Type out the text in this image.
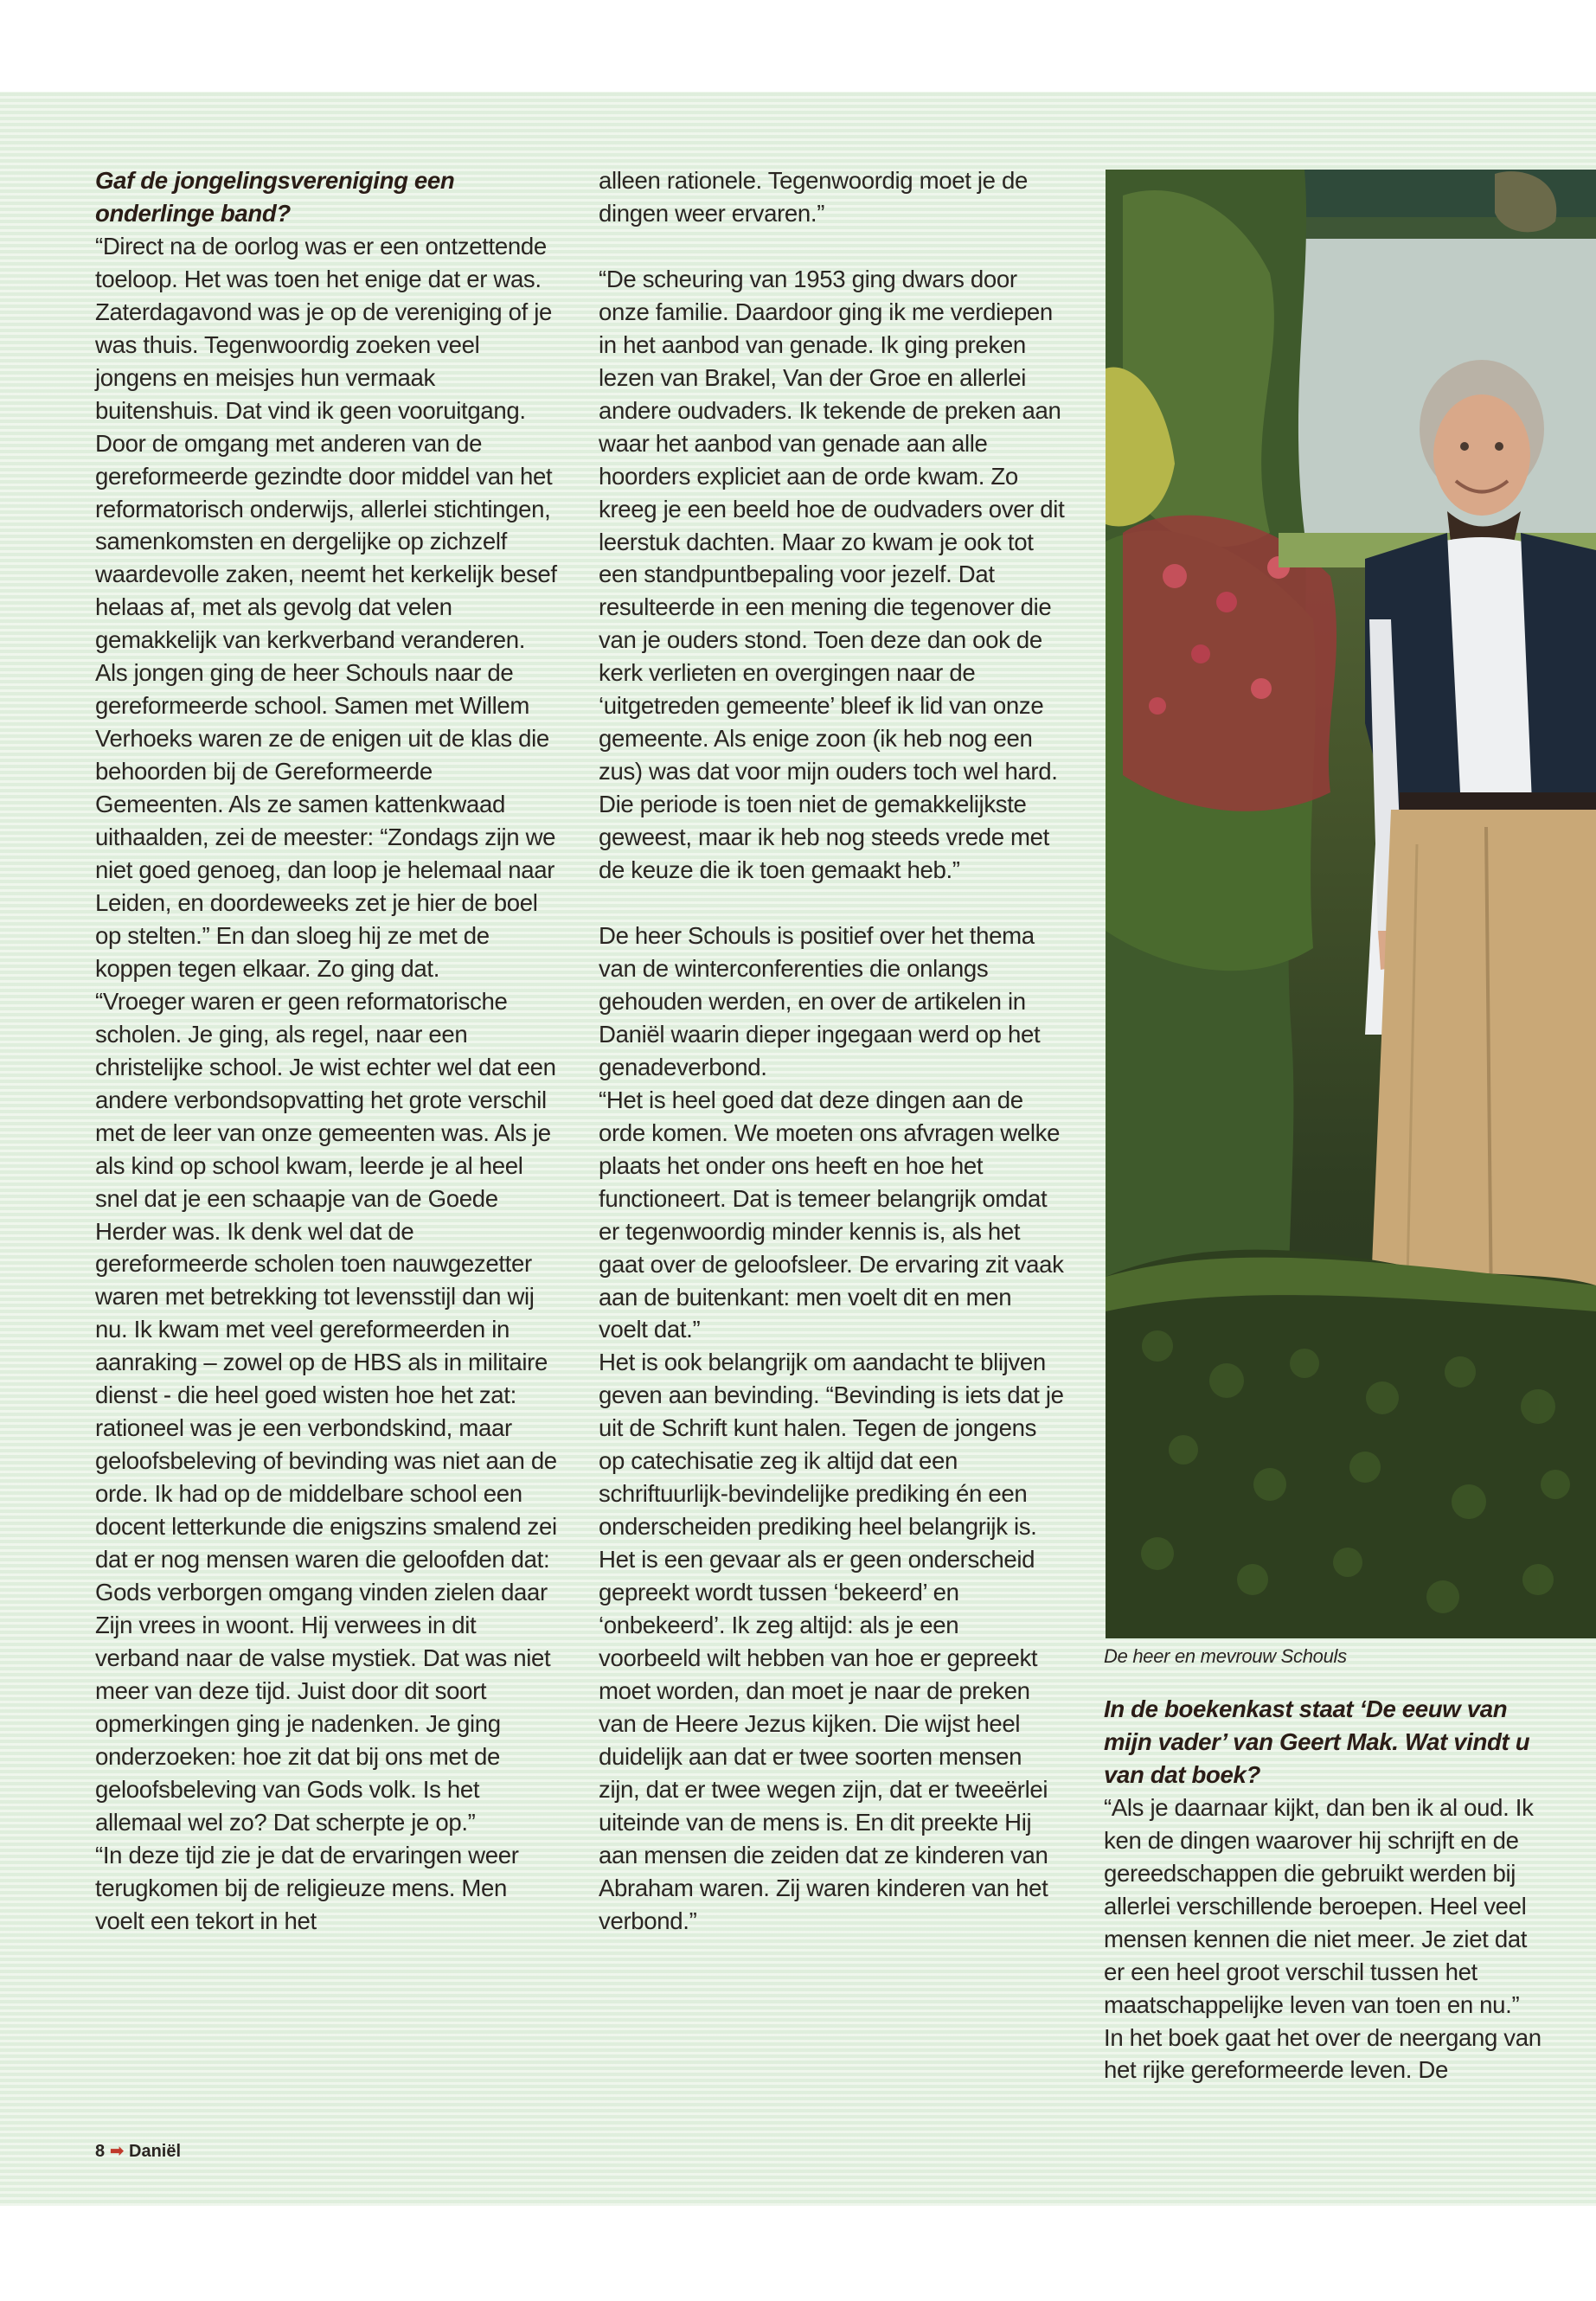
Gaf de jongelingsvereniging een onderlinge band?

“Direct na de oorlog was er een ontzettende toeloop. Het was toen het enige dat er was. Zaterdagavond was je op de vereniging of je was thuis. Tegenwoordig zoeken veel jongens en meisjes hun vermaak buitenshuis. Dat vind ik geen vooruitgang.

Door de omgang met anderen van de gereformeerde gezindte door middel van het reformatorisch onderwijs, allerlei stichtingen, samenkomsten en dergelijke op zichzelf waardevolle zaken, neemt het kerkelijk besef helaas af, met als gevolg dat velen gemakkelijk van kerkverband veranderen.

Als jongen ging de heer Schouls naar de gereformeerde school. Samen met Willem Verhoeks waren ze de enigen uit de klas die behoorden bij de Gereformeerde Gemeenten. Als ze samen kattenkwaad uithaalden, zei de meester: “Zondags zijn we niet goed genoeg, dan loop je helemaal naar Leiden, en doordeweeks zet je hier de boel op stelten.” En dan sloeg hij ze met de koppen tegen elkaar. Zo ging dat.

“Vroeger waren er geen reformatorische scholen. Je ging, als regel, naar een christelijke school. Je wist echter wel dat een andere verbondsopvatting het grote verschil met de leer van onze gemeenten was. Als je als kind op school kwam, leerde je al heel snel dat je een schaapje van de Goede Herder was. Ik denk wel dat de gereformeerde scholen toen nauwgezetter waren met betrekking tot levensstijl dan wij nu. Ik kwam met veel gereformeerden in aanraking – zowel op de HBS als in militaire dienst - die heel goed wisten hoe het zat: rationeel was je een verbondskind, maar geloofsbeleving of bevinding was niet aan de orde. Ik had op de middelbare school een docent letterkunde die enigszins smalend zei dat er nog mensen waren die geloofden dat: Gods verborgen omgang vinden zielen daar Zijn vrees in woont. Hij verwees in dit verband naar de valse mystiek. Dat was niet meer van deze tijd. Juist door dit soort opmerkingen ging je nadenken. Je ging onderzoeken: hoe zit dat bij ons met de geloofsbeleving van Gods volk. Is het allemaal wel zo? Dat scherpte je op.”

“In deze tijd zie je dat de ervaringen weer terugkomen bij de religieuze mens. Men voelt een tekort in het

alleen rationele. Tegenwoordig moet je de dingen weer ervaren.”

“De scheuring van 1953 ging dwars door onze familie. Daardoor ging ik me verdiepen in het aanbod van genade. Ik ging preken lezen van Brakel, Van der Groe en allerlei andere oudvaders. Ik tekende de preken aan waar het aanbod van genade aan alle hoorders expliciet aan de orde kwam. Zo kreeg je een beeld hoe de oudvaders over dit leerstuk dachten. Maar zo kwam je ook tot een standpuntbepaling voor jezelf. Dat resulteerde in een mening die tegenover die van je ouders stond. Toen deze dan ook de kerk verlieten en overgingen naar de ‘uitgetreden gemeente’ bleef ik lid van onze gemeente. Als enige zoon (ik heb nog een zus) was dat voor mijn ouders toch wel hard. Die periode is toen niet de gemakkelijkste geweest, maar ik heb nog steeds vrede met de keuze die ik toen gemaakt heb.”

De heer Schouls is positief over het thema van de winterconferenties die onlangs gehouden werden, en over de artikelen in Daniël waarin dieper ingegaan werd op het genadeverbond.

“Het is heel goed dat deze dingen aan de orde komen. We moeten ons afvragen welke plaats het onder ons heeft en hoe het functioneert. Dat is temeer belangrijk omdat er tegenwoordig minder kennis is, als het gaat over de geloofsleer. De ervaring zit vaak aan de buitenkant: men voelt dit en men voelt dat.”

Het is ook belangrijk om aandacht te blijven geven aan bevinding. “Bevinding is iets dat je uit de Schrift kunt halen. Tegen de jongens op catechisatie zeg ik altijd dat een schriftuurlijk-bevindelijke prediking én een onderscheiden prediking heel belangrijk is. Het is een gevaar als er geen onderscheid gepreekt wordt tussen ‘bekeerd’ en ‘onbekeerd’. Ik zeg altijd: als je een voorbeeld wilt hebben van hoe er gepreekt moet worden, dan moet je naar de preken van de Heere Jezus kijken. Die wijst heel duidelijk aan dat er twee soorten mensen zijn, dat er twee wegen zijn, dat er tweeërlei uiteinde van de mens is. En dit preekte Hij aan mensen die zeiden dat ze kinderen van Abraham waren. Zij waren kinderen van het verbond.”

De heer en mevrouw Schouls

In de boekenkast staat ‘De eeuw van mijn vader’ van Geert Mak. Wat vindt u van dat boek?

“Als je daarnaar kijkt, dan ben ik al oud. Ik ken de dingen waarover hij schrijft en de gereedschappen die gebruikt werden bij allerlei verschillende beroepen. Heel veel mensen kennen die niet meer. Je ziet dat er een heel groot verschil tussen het maatschappelijke leven van toen en nu.”

In het boek gaat het over de neergang van het rijke gereformeerde leven. De

8 ➡ Daniël
